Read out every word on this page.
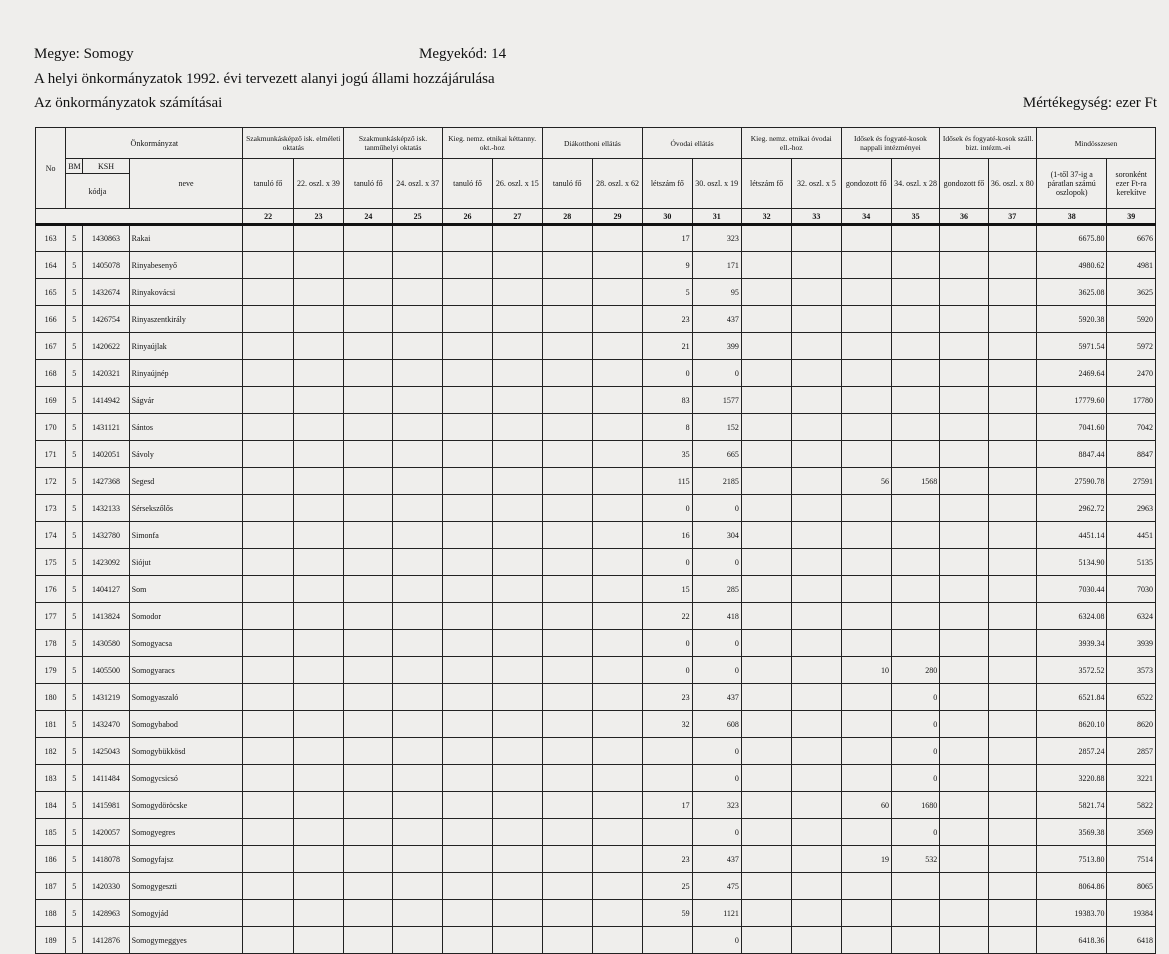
Megye: Somogy	Megyekód: 14
A helyi önkormányzatok 1992. évi tervezett alanyi jogú állami hozzájárulása
Az önkormányzatok számításai	Mértékegység: ezer Ft
No	Önkormányzat			Szakmunkásképző isk. elméleti oktatás		Szakmunkásképző isk. tanműhelyi oktatás		Kieg. nemz. etnikai kéttanny. okt.-hoz		Diákotthoni ellátás		Óvodai ellátás		Kieg. nemz. etnikai óvodai ell.-hoz		Idősek és fogyaté-kosok nappali intézményei		Idősek és fogyaté-kosok száll. bizt. intézm.-ei		Mindösszesen	
	BM	KSH	neve	tanuló fő	22. oszl. x 39	tanuló fő	24. oszl. x 37	tanuló fő	26. oszl. x 15	tanuló fő	28. oszl. x 62	létszám fő	30. oszl. x 19	létszám fő	32. oszl. x 5	gondozott fő	34. oszl. x 28	gondozott fő	36. oszl. x 80	(1-től 37-ig a páratlan számú oszlopok)	soronként ezer Ft-ra kerekítve
	kódja																				
				22	23	24	25	26	27	28	29	30	31	32	33	34	35	36	37	38	39
163	5	1430863	Rakai									17	323							6675.80	6676
164	5	1405078	Rinyabesenyő									9	171							4980.62	4981
165	5	1432674	Rinyakovácsi									5	95							3625.08	3625
166	5	1426754	Rinyaszentkirály									23	437							5920.38	5920
167	5	1420622	Rinyaújlak									21	399							5971.54	5972
168	5	1420321	Rinyaújnép									0	0							2469.64	2470
169	5	1414942	Ságvár									83	1577							17779.60	17780
170	5	1431121	Sántos									8	152							7041.60	7042
171	5	1402051	Sávoly									35	665							8847.44	8847
172	5	1427368	Segesd									115	2185			56	1568			27590.78	27591
173	5	1432133	Sérsekszőlős									0	0							2962.72	2963
174	5	1432780	Simonfa									16	304							4451.14	4451
175	5	1423092	Siójut									0	0							5134.90	5135
176	5	1404127	Som									15	285							7030.44	7030
177	5	1413824	Somodor									22	418							6324.08	6324
178	5	1430580	Somogyacsa									0	0							3939.34	3939
179	5	1405500	Somogyaracs									0	0			10	280			3572.52	3573
180	5	1431219	Somogyaszaló									23	437				0			6521.84	6522
181	5	1432470	Somogybabod									32	608				0			8620.10	8620
182	5	1425043	Somogybükkösd										0				0			2857.24	2857
183	5	1411484	Somogycsicsó										0				0			3220.88	3221
184	5	1415981	Somogydöröcske									17	323			60	1680			5821.74	5822
185	5	1420057	Somogyegres										0				0			3569.38	3569
186	5	1418078	Somogyfajsz									23	437			19	532			7513.80	7514
187	5	1420330	Somogygeszti									25	475							8064.86	8065
188	5	1428963	Somogyjád									59	1121							19383.70	19384
189	5	1412876	Somogymeggyes										0							6418.36	6418
